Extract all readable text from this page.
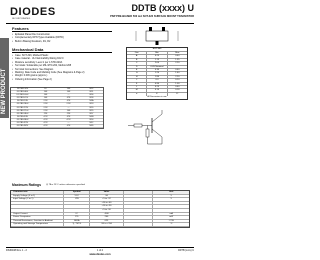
DIODES
INCORPORATED
DDTB (xxxx) U
PNP PRE-BIASED 500 mA SOT-323 SURFACE MOUNT TRANSISTOR
NEW PRODUCT
Features
• Epitaxial Planar Die Construction
• Complementary NPN Types Available (DDTD)
• Built-In Biasing Resistors, R1, R2
SOT-323
Dim	Min	Max
A	0.25	0.40
B	1.15	1.35
C	2.00	2.20
D	0.65 Nominal
E	0.30	0.40
G	1.20	1.40
H	1.80	2.20
J	0.0	0.10
K	0.90	1.00
L	0.25	0.40
M	0.10	0.18
α	0°	8°
All Dimensions in mm
Mechanical Data
• Case: SOT-323, Molded Plastic
• Case material - UL Flammability Rating 94V-0
• Moisture sensitivity: Level 1 per J-STD-020A
• Terminals: Solderable per MIL-STD-202, Method 208
• Terminal Connections: See Diagram
• Marking: Date Code and Marking Code (See Diagrams & Page 2)
• Weight: 0.006 grams (approx.)
• Ordering Information (See Page 2)
DDTB113ZU	1K	10K	N52
DDTB114EU	10K	10K	N51
DDTB114GU	10K	—	N56
DDTB114YU	10K	47K	N58
DDTB122JU	2.2K	47K	N5A
DDTB123EU	2.2K	2.2K	N53
DDTB123TU	2.2K	—	N59
DDTB123YU	2.2K	10K	N55
DDTB124EU	22K	22K	N57
DDTB142JU	4.7K	47K	N5B
DDTB143EU	4.7K	4.7K	N54
DDTB143TU	4.7K	—	N5C
DDTB143ZU	4.7K	47K	N5D
Maximum Ratings @ TA = 25°C unless otherwise specified
Characteristic	Symbol	Value	Unit
Supply Voltage (3 to 1)	VCC	-50	V
Input Voltage (2 to 1)	VIN	+5 to -12	V
+10 to -40
+10 to -30
+5 to -10
Output Current	IC	-500	mA
Power Dissipation	PD	200	mW
Thermal Resistance, Junction to Ambient	RθJA	625	°C/W
Operating and Storage Temperature	Tj, TSTG	-55 to +150	°C
DS30438 Rev. 1 - 2	1 of 4	DDTB (xxxx) U
www.diodes.com
